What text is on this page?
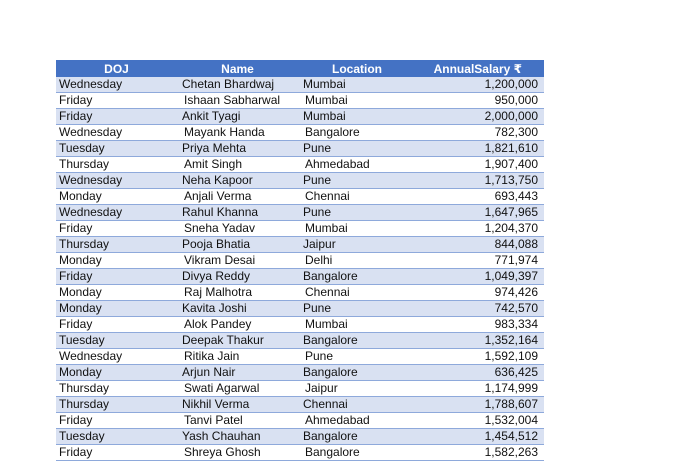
DOJ	Name	Location	AnnualSalary ₹
Wednesday	Chetan Bhardwaj	Mumbai	1,200,000
Friday	Ishaan Sabharwal	Mumbai	950,000
Friday	Ankit Tyagi	Mumbai	2,000,000
Wednesday	Mayank Handa	Bangalore	782,300
Tuesday	Priya Mehta	Pune	1,821,610
Thursday	Amit Singh	Ahmedabad	1,907,400
Wednesday	Neha Kapoor	Pune	1,713,750
Monday	Anjali Verma	Chennai	693,443
Wednesday	Rahul Khanna	Pune	1,647,965
Friday	Sneha Yadav	Mumbai	1,204,370
Thursday	Pooja Bhatia	Jaipur	844,088
Monday	Vikram Desai	Delhi	771,974
Friday	Divya Reddy	Bangalore	1,049,397
Monday	Raj Malhotra	Chennai	974,426
Monday	Kavita Joshi	Pune	742,570
Friday	Alok Pandey	Mumbai	983,334
Tuesday	Deepak Thakur	Bangalore	1,352,164
Wednesday	Ritika Jain	Pune	1,592,109
Monday	Arjun Nair	Bangalore	636,425
Thursday	Swati Agarwal	Jaipur	1,174,999
Thursday	Nikhil Verma	Chennai	1,788,607
Friday	Tanvi Patel	Ahmedabad	1,532,004
Tuesday	Yash Chauhan	Bangalore	1,454,512
Friday	Shreya Ghosh	Bangalore	1,582,263
